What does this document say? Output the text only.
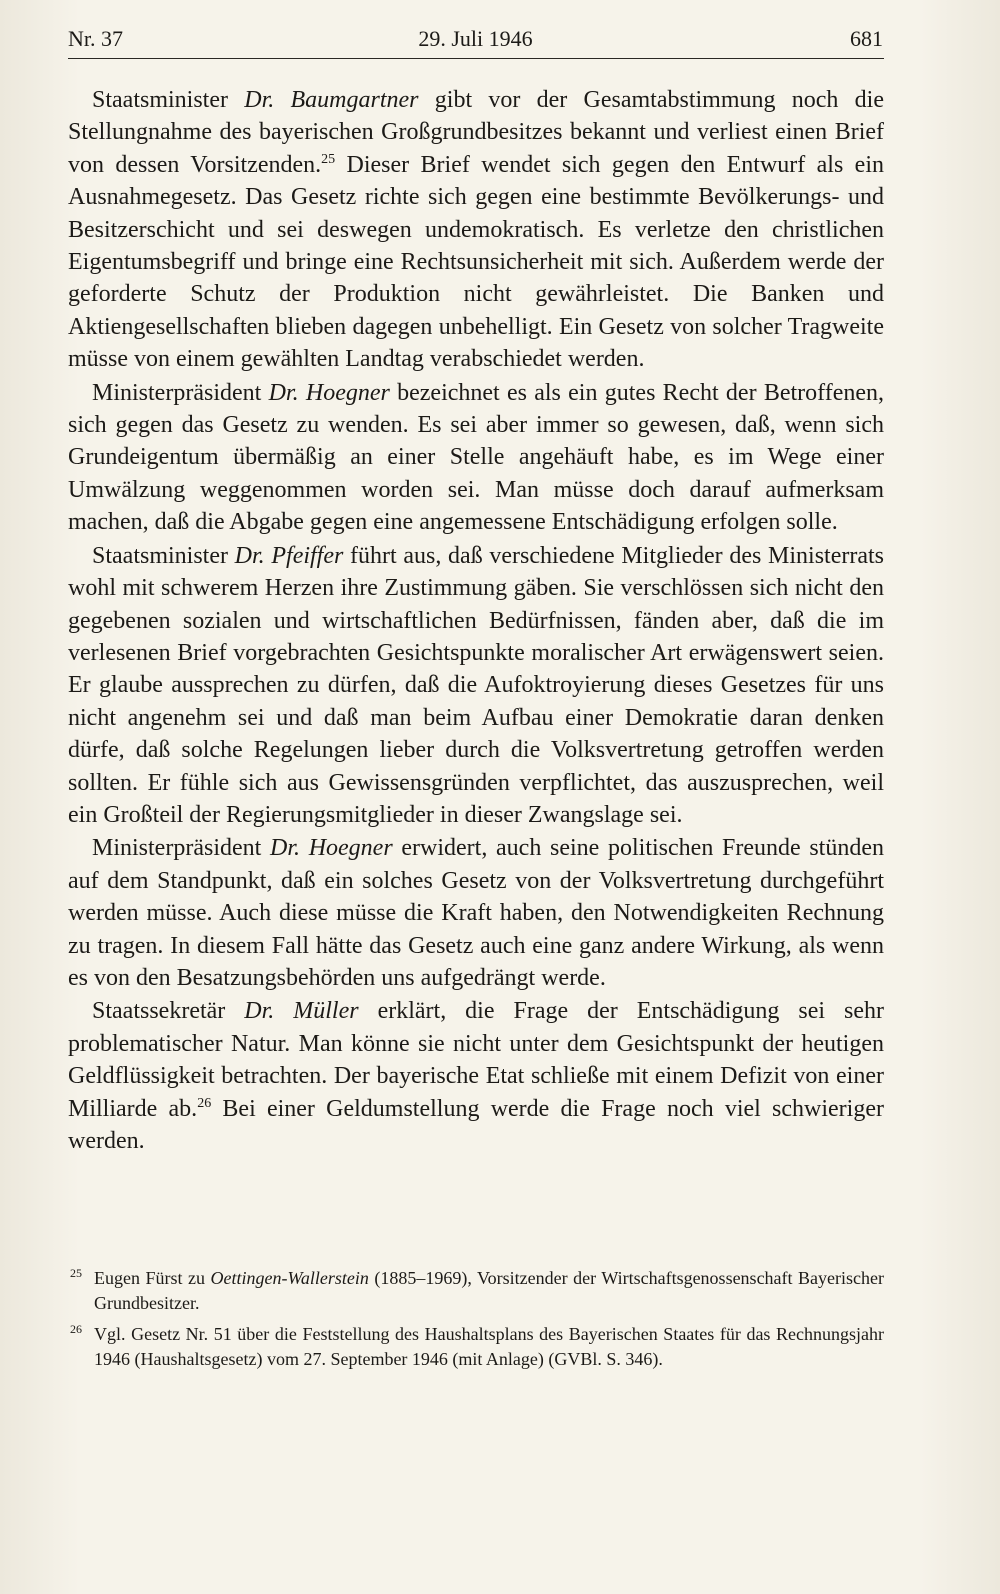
Nr. 37	29. Juli 1946	681

Staatsminister Dr. Baumgartner gibt vor der Gesamtabstimmung noch die Stellungnahme des bayerischen Großgrundbesitzes bekannt und verliest einen Brief von dessen Vorsitzenden.$^{25}$ Dieser Brief wendet sich gegen den Entwurf als ein Ausnahmegesetz. Das Gesetz richte sich gegen eine bestimmte Bevölkerungs- und Besitzerschicht und sei deswegen undemokratisch. Es verletze den christlichen Eigentumsbegriff und bringe eine Rechtsunsicherheit mit sich. Außerdem werde der geforderte Schutz der Produktion nicht gewährleistet. Die Banken und Aktiengesellschaften blieben dagegen unbehelligt. Ein Gesetz von solcher Tragweite müsse von einem gewählten Landtag verabschiedet werden.

Ministerpräsident Dr. Hoegner bezeichnet es als ein gutes Recht der Betroffenen, sich gegen das Gesetz zu wenden. Es sei aber immer so gewesen, daß, wenn sich Grundeigentum übermäßig an einer Stelle angehäuft habe, es im Wege einer Umwälzung weggenommen worden sei. Man müsse doch darauf aufmerksam machen, daß die Abgabe gegen eine angemessene Entschädigung erfolgen solle.

Staatsminister Dr. Pfeiffer führt aus, daß verschiedene Mitglieder des Ministerrats wohl mit schwerem Herzen ihre Zustimmung gäben. Sie verschlössen sich nicht den gegebenen sozialen und wirtschaftlichen Bedürfnissen, fänden aber, daß die im verlesenen Brief vorgebrachten Gesichtspunkte moralischer Art erwägenswert seien. Er glaube aussprechen zu dürfen, daß die Aufoktroyierung dieses Gesetzes für uns nicht angenehm sei und daß man beim Aufbau einer Demokratie daran denken dürfe, daß solche Regelungen lieber durch die Volksvertretung getroffen werden sollten. Er fühle sich aus Gewissensgründen verpflichtet, das auszusprechen, weil ein Großteil der Regierungsmitglieder in dieser Zwangslage sei.

Ministerpräsident Dr. Hoegner erwidert, auch seine politischen Freunde stünden auf dem Standpunkt, daß ein solches Gesetz von der Volksvertretung durchgeführt werden müsse. Auch diese müsse die Kraft haben, den Notwendigkeiten Rechnung zu tragen. In diesem Fall hätte das Gesetz auch eine ganz andere Wirkung, als wenn es von den Besatzungsbehörden uns aufgedrängt werde.

Staatssekretär Dr. Müller erklärt, die Frage der Entschädigung sei sehr problematischer Natur. Man könne sie nicht unter dem Gesichtspunkt der heutigen Geldflüssigkeit betrachten. Der bayerische Etat schließe mit einem Defizit von einer Milliarde ab.$^{26}$ Bei einer Geldumstellung werde die Frage noch viel schwieriger werden.

25 Eugen Fürst zu Oettingen-Wallerstein (1885–1969), Vorsitzender der Wirtschaftsgenossenschaft Bayerischer Grundbesitzer.
26 Vgl. Gesetz Nr. 51 über die Feststellung des Haushaltsplans des Bayerischen Staates für das Rechnungsjahr 1946 (Haushaltsgesetz) vom 27. September 1946 (mit Anlage) (GVBl. S. 346).
